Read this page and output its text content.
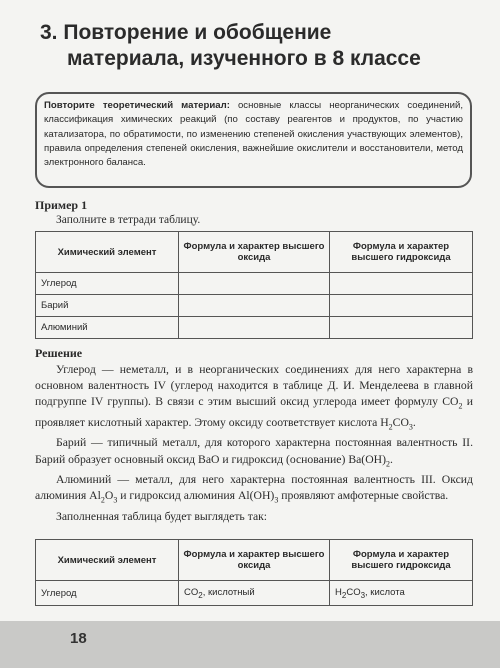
3. Повторение и обобщение
материала, изученного в 8 классе
Повторите теоретический материал: основные классы неорганических соединений, классификация химических реакций (по составу реагентов и продуктов, по участию катализатора, по обратимости, по изменению степеней окисления участвующих элементов), правила определения степеней окисления, важнейшие окислители и восстановители, метод электронного баланса.
Пример 1
Заполните в тетради таблицу.
Химический элемент	Формула и характер высшего оксида	Формула и характер высшего гидроксида
Углерод		
Барий		
Алюминий		
Решение

Углерод — неметалл, и в неорганических соединениях для него характерна в основном валентность IV (углерод находится в таблице Д. И. Менделеева в главной подгруппе IV группы). В связи с этим высший оксид углерода имеет формулу $CO_2$ и проявляет кислотный характер. Этому оксиду соответствует кислота $H_2CO_3$.

Барий — типичный металл, для которого характерна постоянная валентность II. Барий образует основный оксид BaO и гидроксид (основание) $Ba(OH)_2$.

Алюминий — металл, для него характерна постоянная валентность III. Оксид алюминия $Al_2O_3$ и гидроксид алюминия $Al(OH)_3$ проявляют амфотерные свойства.

Заполненная таблица будет выглядеть так:

Химический элемент	Формула и характер высшего оксида	Формула и характер высшего гидроксида
Углерод	$CO_2$, кислотный	$H_2CO_3$, кислота
18
